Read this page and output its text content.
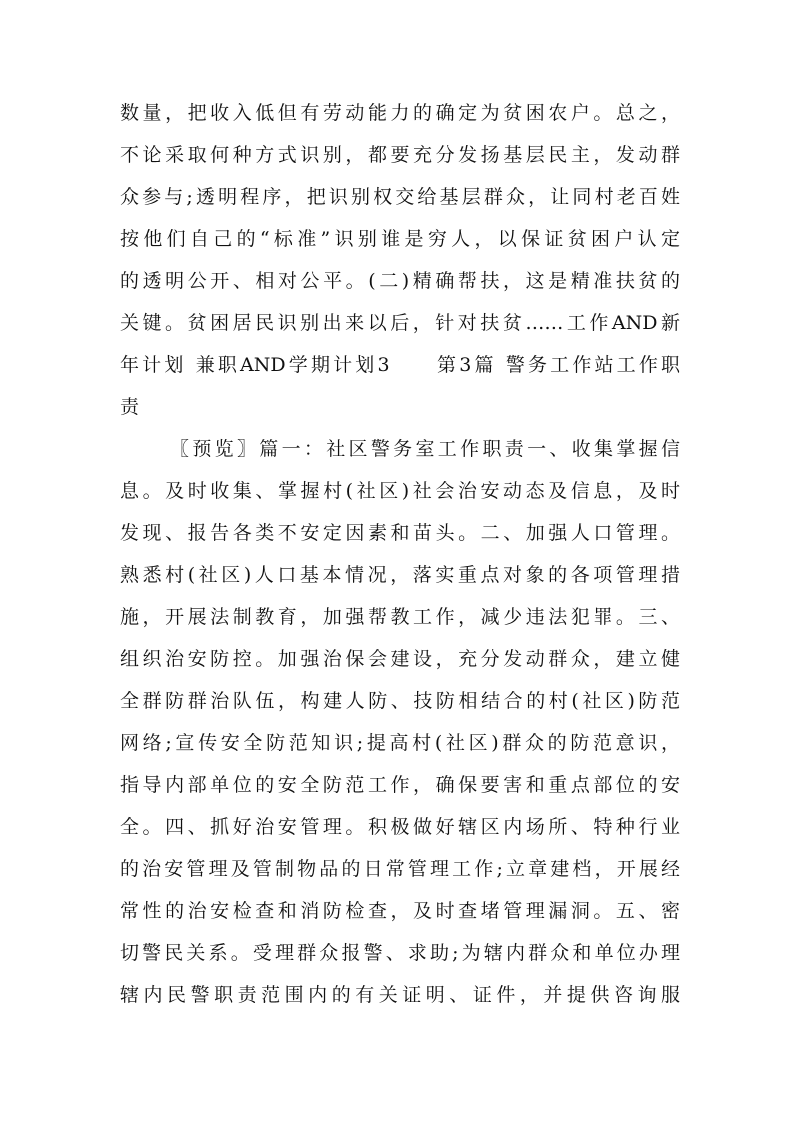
数量，把收入低但有劳动能力的确定为贫困农户。总之，
不论采取何种方式识别，都要充分发扬基层民主，发动群
众参与;透明程序，把识别权交给基层群众，让同村老百姓
按他们自己的“标准”识别谁是穷人，以保证贫困户认定
的透明公开、相对公平。(二)精确帮扶，这是精准扶贫的
关键。贫困居民识别出来以后，针对扶贫……工作AND新
年计划 兼职AND学期计划3　　第3篇 警务工作站工作职
责
〖预览〗篇一：社区警务室工作职责一、收集掌握信
息。及时收集、掌握村(社区)社会治安动态及信息，及时
发现、报告各类不安定因素和苗头。二、加强人口管理。
熟悉村(社区)人口基本情况，落实重点对象的各项管理措
施，开展法制教育，加强帮教工作，减少违法犯罪。三、
组织治安防控。加强治保会建设，充分发动群众，建立健
全群防群治队伍，构建人防、技防相结合的村(社区)防范
网络;宣传安全防范知识;提高村(社区)群众的防范意识，
指导内部单位的安全防范工作，确保要害和重点部位的安
全。四、抓好治安管理。积极做好辖区内场所、特种行业
的治安管理及管制物品的日常管理工作;立章建档，开展经
常性的治安检查和消防检查，及时查堵管理漏洞。五、密
切警民关系。受理群众报警、求助;为辖内群众和单位办理
辖内民警职责范围内的有关证明、证件，并提供咨询服
